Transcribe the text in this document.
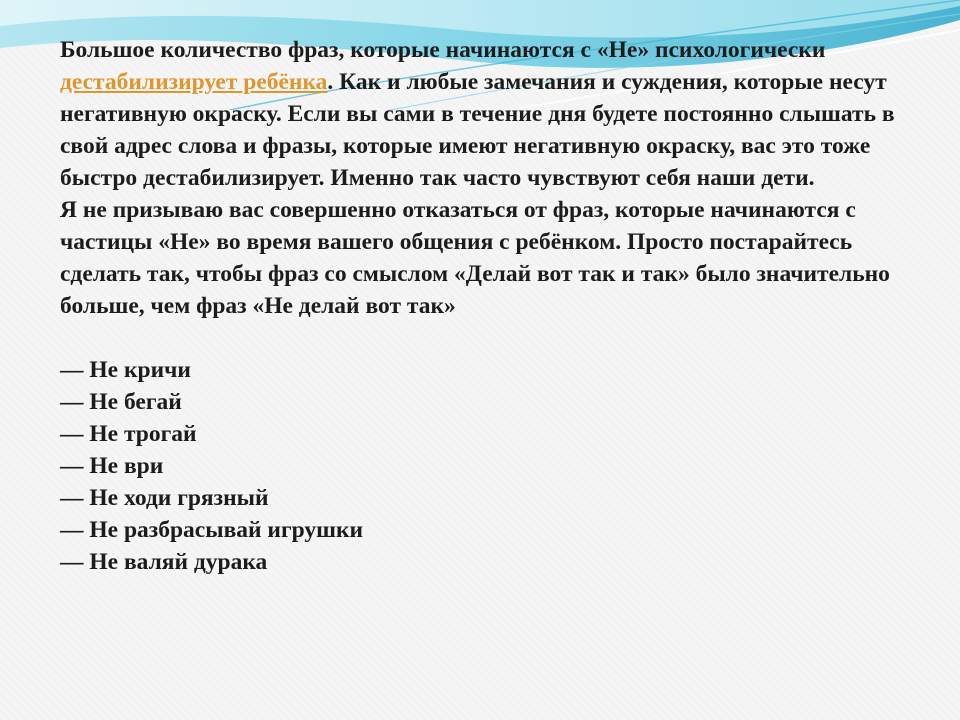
Большое количество фраз, которые начинаются с «Не» психологически дестабилизирует ребёнка. Как и любые замечания и суждения, которые несут негативную окраску. Если вы сами в течение дня будете постоянно слышать в свой адрес слова и фразы, которые имеют негативную окраску, вас это тоже быстро дестабилизирует. Именно так часто чувствуют себя наши дети.

Я не призываю вас совершенно отказаться от фраз, которые начинаются с частицы «Не» во время вашего общения с ребёнком. Просто постарайтесь сделать так, чтобы фраз со смыслом «Делай вот так и так» было значительно больше, чем фраз «Не делай вот так»

— Не кричи

— Не бегай

— Не трогай

— Не ври

— Не ходи грязный

— Не разбрасывай игрушки

— Не валяй дурака
